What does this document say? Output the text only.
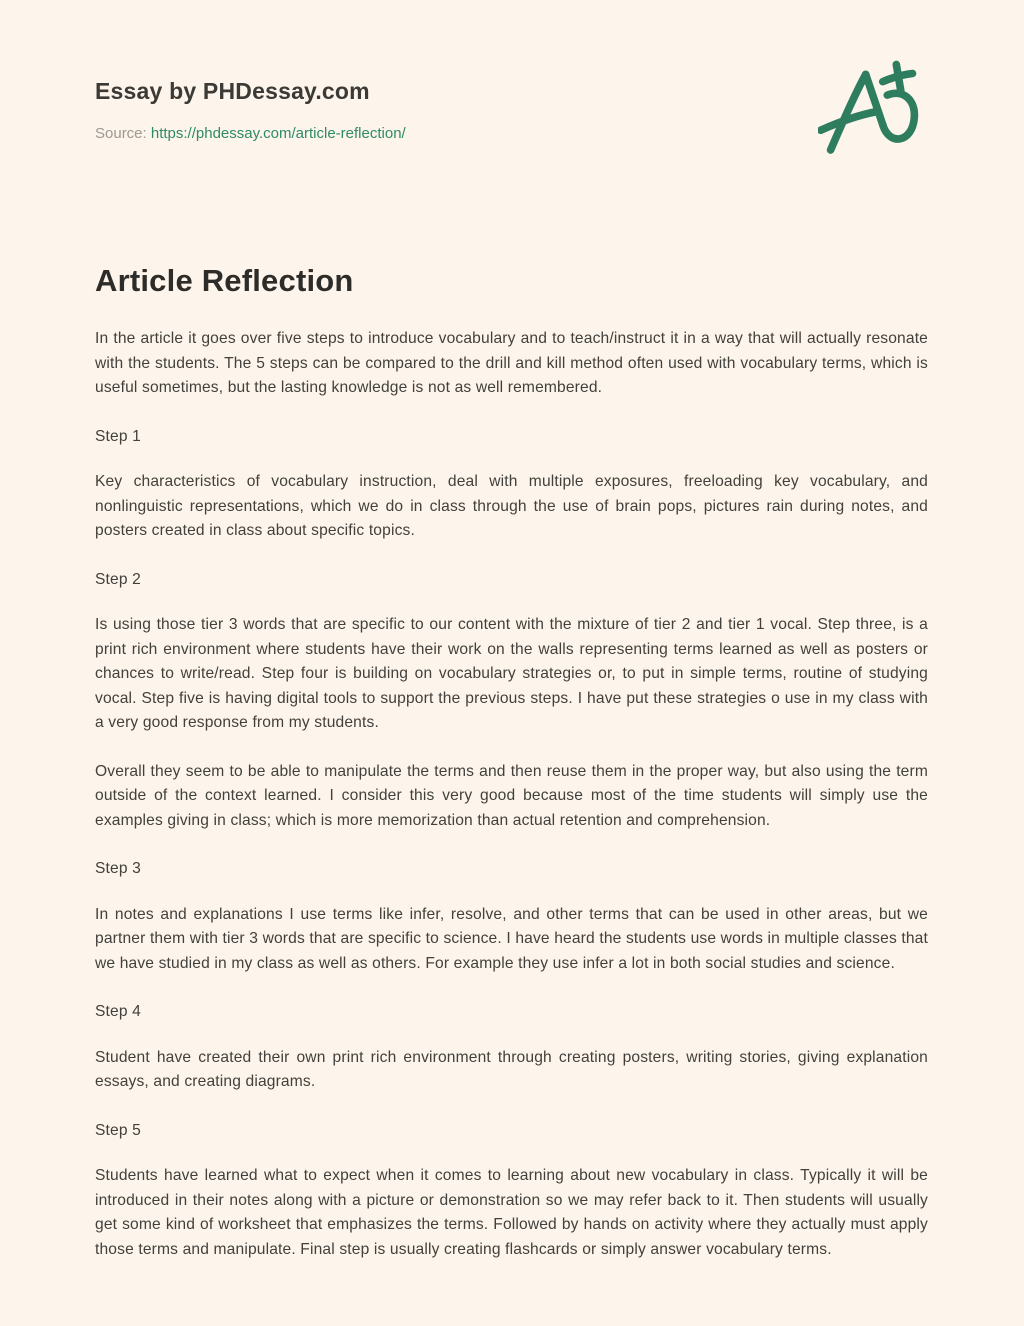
Essay by PHDessay.com
Source: https://phdessay.com/article-reflection/
Article Reflection

In the article it goes over five steps to introduce vocabulary and to teach/instruct it in a way that will actually resonate with the students. The 5 steps can be compared to the drill and kill method often used with vocabulary terms, which is useful sometimes, but the lasting knowledge is not as well remembered.

Step 1

Key characteristics of vocabulary instruction, deal with multiple exposures, freeloading key vocabulary, and nonlinguistic representations, which we do in class through the use of brain pops, pictures rain during notes, and posters created in class about specific topics.

Step 2

Is using those tier 3 words that are specific to our content with the mixture of tier 2 and tier 1 vocal. Step three, is a print rich environment where students have their work on the walls representing terms learned as well as posters or chances to write/read. Step four is building on vocabulary strategies or, to put in simple terms, routine of studying vocal. Step five is having digital tools to support the previous steps. I have put these strategies o use in my class with a very good response from my students.

Overall they seem to be able to manipulate the terms and then reuse them in the proper way, but also using the term outside of the context learned. I consider this very good because most of the time students will simply use the examples giving in class; which is more memorization than actual retention and comprehension.

Step 3

In notes and explanations I use terms like infer, resolve, and other terms that can be used in other areas, but we partner them with tier 3 words that are specific to science. I have heard the students use words in multiple classes that we have studied in my class as well as others. For example they use infer a lot in both social studies and science.

Step 4

Student have created their own print rich environment through creating posters, writing stories, giving explanation essays, and creating diagrams.

Step 5

Students have learned what to expect when it comes to learning about new vocabulary in class. Typically it will be introduced in their notes along with a picture or demonstration so we may refer back to it. Then students will usually get some kind of worksheet that emphasizes the terms. Followed by hands on activity where they actually must apply those terms and manipulate. Final step is usually creating flashcards or simply answer vocabulary terms.
